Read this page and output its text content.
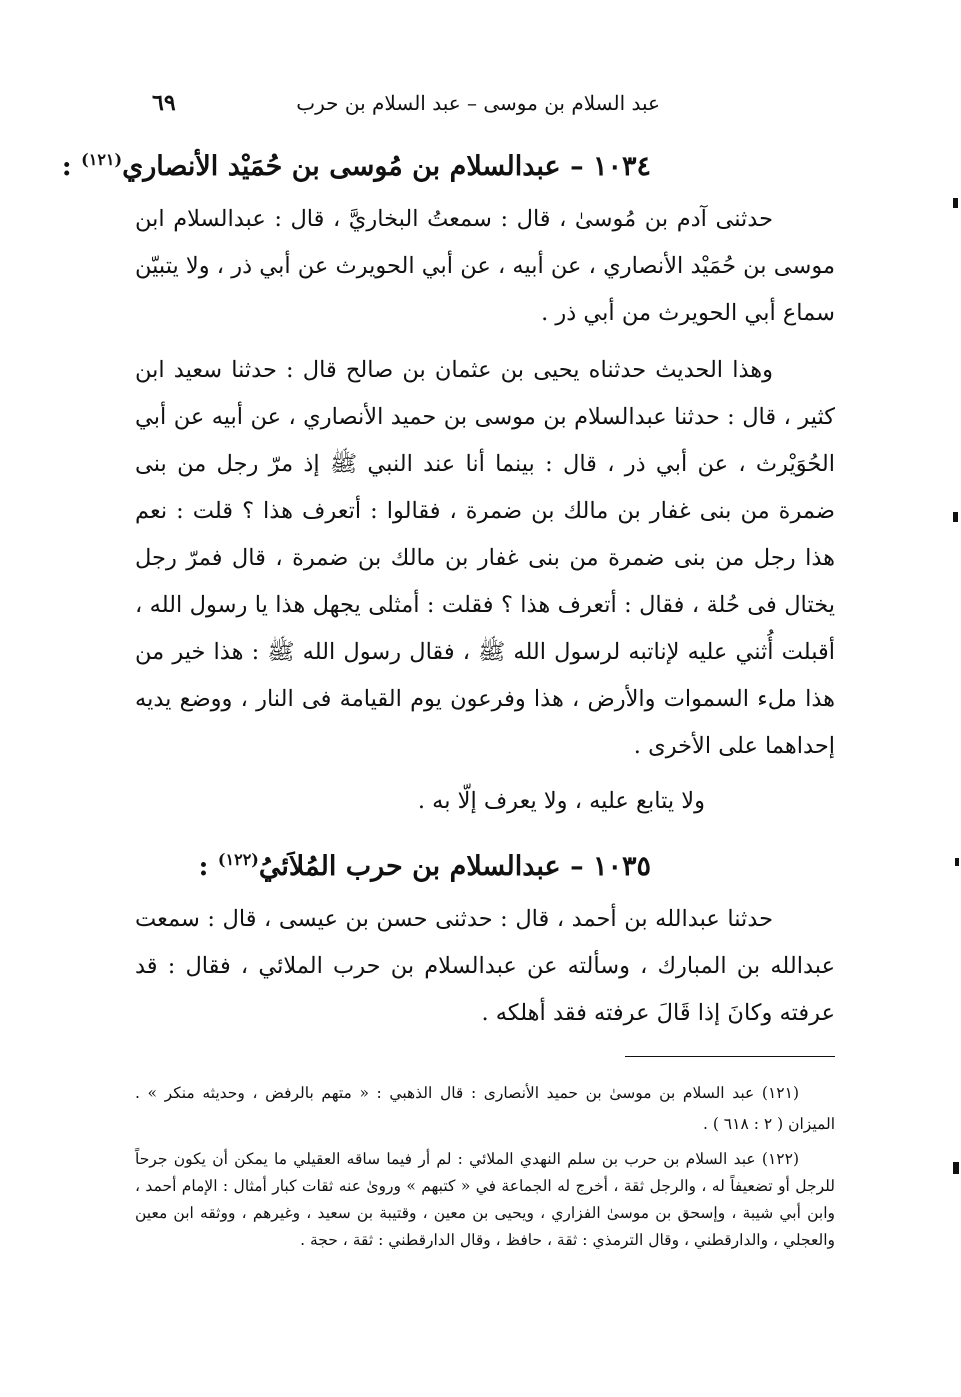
٦٩	عبد السلام بن موسى – عبد السلام بن حرب
١٠٣٤ – عبدالسلام بن مُوسى بن حُمَيْد الأنصاري$^{(١٢١)}$ :

حدثنى آدم بن مُوسىٰ ، قال : سمعتُ البخاريَّ ، قال : عبدالسلام ابن موسى بن حُمَيْد الأنصاري ، عن أبيه ، عن أبي الحويرث عن أبي ذر ، ولا يتبيّن سماع أبي الحويرث من أبي ذر .

وهذا الحديث حدثناه يحيى بن عثمان بن صالح قال : حدثنا سعيد ابن كثير ، قال : حدثنا عبدالسلام بن موسى بن حميد الأنصاري ، عن أبيه عن أبي الحُوَيْرث ، عن أبي ذر ، قال : بينما أنا عند النبي ﷺ إذ مرّ رجل من بنى ضمرة من بنى غفار بن مالك بن ضمرة ، فقالوا : أتعرف هذا ؟ قلت : نعم هذا رجل من بنى ضمرة من بنى غفار بن مالك بن ضمرة ، قال فمرّ رجل يختال فى حُلة ، فقال : أتعرف هذا ؟ فقلت : أمثلى يجهل هذا يا رسول الله ، أقبلت أُثني عليه لإناتبه لرسول الله ﷺ ، فقال رسول الله ﷺ : هذا خير من هذا ملء السموات والأرض ، هذا وفرعون يوم القيامة فى النار ، ووضع يديه إحداهما على الأخرى .

ولا يتابع عليه ، ولا يعرف إلّا به .

١٠٣٥ – عبدالسلام بن حرب المُلاَئيُ$^{(١٢٢)}$ :

حدثنا عبدالله بن أحمد ، قال : حدثنى حسن بن عيسى ، قال : سمعت عبدالله بن المبارك ، وسألته عن عبدالسلام بن حرب الملائي ، فقال : قد عرفته وكانَ إذا قَالَ عرفته فقد أهلكه .

(١٢١) عبد السلام بن موسىٰ بن حميد الأنصارى : قال الذهبي : « متهم بالرفض ، وحديثه منكر » . الميزان ( ٢ : ٦١٨ ) .

(١٢٢) عبد السلام بن حرب بن سلم النهدي الملائي : لم أر فيما ساقه العقيلي ما يمكن أن يكون جرحاً للرجل أو تضعيفاً له ، والرجل ثقة ، أخرج له الجماعة في « كتبهم » وروىٰ عنه ثقات كبار أمثال : الإمام أحمد ، وابن أبي شيبة ، وإسحق بن موسىٰ الفزاري ، ويحيى بن معين ، وقتيبة بن سعيد ، وغيرهم ، ووثقه ابن معين والعجلي ، والدارقطني ، وقال الترمذي : ثقة ، حافظ ، وقال الدارقطني : ثقة ، حجة .
